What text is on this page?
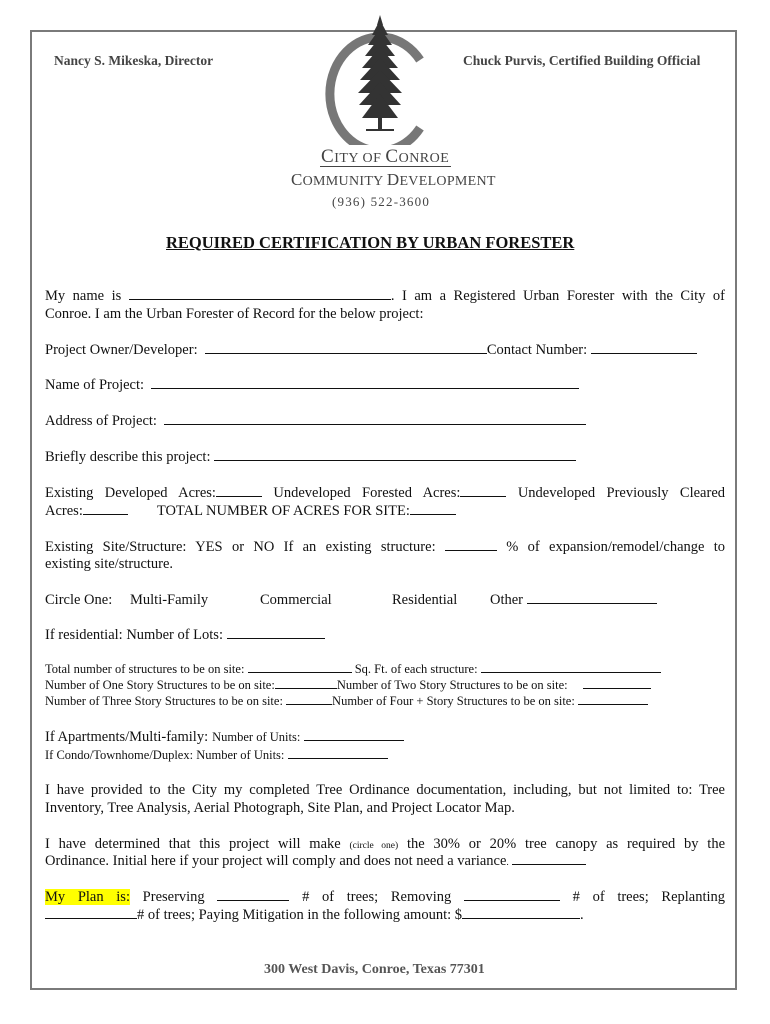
Nancy S. Mikeska, Director	Chuck Purvis, Certified Building Official
CITY OF CONROE
COMMUNITY DEVELOPMENT
(936) 522-3600
REQUIRED CERTIFICATION BY URBAN FORESTER
My name is	. I am a Registered Urban Forester with the City of
Conroe. I am the Urban Forester of Record for the below project:
Project Owner/Developer:	Contact Number:
Name of Project:
Address of Project:
Briefly describe this project:
Existing Developed Acres:	Undeveloped Forested Acres:	Undeveloped Previously Cleared
Acres:	TOTAL NUMBER OF ACRES FOR SITE:
Existing Site/Structure: YES or NO If an existing structure:	% of expansion/remodel/change to
existing site/structure.
Circle One: Multi-Family	Commercial	Residential Other
If residential: Number of Lots:
Total number of structures to be on site:	Sq. Ft. of each structure:
Number of One Story Structures to be on site:	Number of Two Story Structures to be on site:
Number of Three Story Structures to be on site:	Number of Four + Story Structures to be on site:
If Apartments/Multi-family: Number of Units:
If Condo/Townhome/Duplex: Number of Units:
I have provided to the City my completed Tree Ordinance documentation, including, but not limited to: Tree
Inventory, Tree Analysis, Aerial Photograph, Site Plan, and Project Locator Map.
I have determined that this project will make (circle one) the 30% or 20% tree canopy as required by the
Ordinance. Initial here if your project will comply and does not need a variance.
My Plan is: Preserving	# of trees; Removing	# of trees; Replanting
# of trees; Paying Mitigation in the following amount: $	.
300 West Davis, Conroe, Texas 77301
